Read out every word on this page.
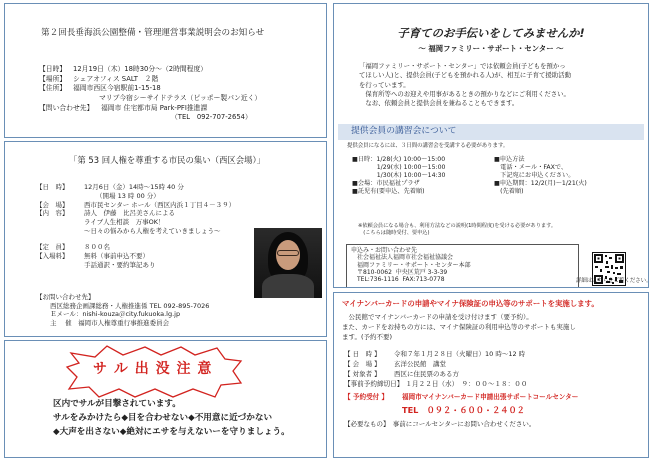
第２回長垂海浜公園整備・管理運営事業説明会のお知らせ
【日時】	12月19日（木）18時30分～（2時間程度）
【場所】	シェアオフィス SALT　２階
【住所】	福岡市西区今宿駅前1-15-18
マリブ今宿シーサイドテラス（ピッポー製パン近く）
【問い合わせ先】	福岡市 住宅都市局 Park-PFI推進課
（TEL　092-707-2654）
「第 53 回人権を尊重する市民の集い（西区会場）」
【日　時】	12月6日（金）14時～15時 40 分
（開場 13 時 00 分）
【会　場】	西市民センター ホール（西区内浜１丁目４－３９）
【内　容】	詩人　伊藤　比呂美さんによる
ライブ人生相談　万事OK！
～日々の悩みから人権を考えていきましょう～
【定　員】	８００名
【入場料】	無料（事前申込不要）
手話通訳・要約筆記あり
【お問い合わせ先】
西区総務企画課総務・人権推進係 TEL 092-895-7026
Ｅメール：nishi-kouza＠city.fukuoka.lg.jp
主　 催　福岡市人権尊重行事推進委員会
サ ル 出 没 注 意
区内でサルが目撃されています。
サルをみかけたら◆目を合わせない◆不用意に近づかない
◆大声を出さない◆絶対にエサを与えないーを守りましょう。
子育てのお手伝いをしてみませんか!
～ 福岡ファミリー・サポート・センター ～
「福岡ファミリー・サポート・センター」では依頼会員(子どもを預かっ
てほしい人)と、提供会員(子どもを預かれる人)が、相互に子育て援助活動
を行っています。
　保育所等へのお迎えや用事があるときの預かりなどにご利用ください。
　なお、依頼会員と提供会員を兼ねることもできます。
提供会員の講習会について
提供会員になるには、３日間の講習会を受講する必要があります。
■日時：1/28(火) 10:00～15:00
　　　　1/29(水) 10:00～15:00
　　　　1/30(木) 10:00～14:30
■会場：市民福祉プラザ
■託児有(要申込、先着順)
■申込方法
　電話・メール・FAXで、
　下記宛にお申込ください。
■申込期間：12/2(月)～1/21(火)
　(先着順)
※依頼会員になる場合も、利用方法などの説明(1時間程度)を受ける必要があります。
　(こちらは随時受付、要申込)
申込み・お問い合わせ先
　社会福祉法人福岡市社会福祉協議会
　福岡ファミリー・サポート・センター本部
　〒810-0062  中央区荒戸 3-3-39
　TEL:736-1116  FAX:713-0778	詳細はこちらをご覧ください。
マイナンバーカードの申請やマイナ保険証の申込等のサポートを実施します。
　公民館でマイナンバーカードの申請を受け付けます（要予約）。
また、カードをお持ちの方には、マイナ保険証の利用申込等のサポートも実施し
ます。(予約不要)
【 日　時 】	令和７年１月２８日（火曜日）10 時～12 時
【 会　場 】	玄洋公民館　講堂
【 対象者 】	西区に住民票のある方
【事前予約締切日】 １月２２日（水）　９：００～１８：００
【 予約受付 】	福岡市マイナンバーカード申請出張サポートコールセンター
TEL　０９２・６００・２４０２
【必要なもの】　事前にコールセンターにお問い合わせください。
